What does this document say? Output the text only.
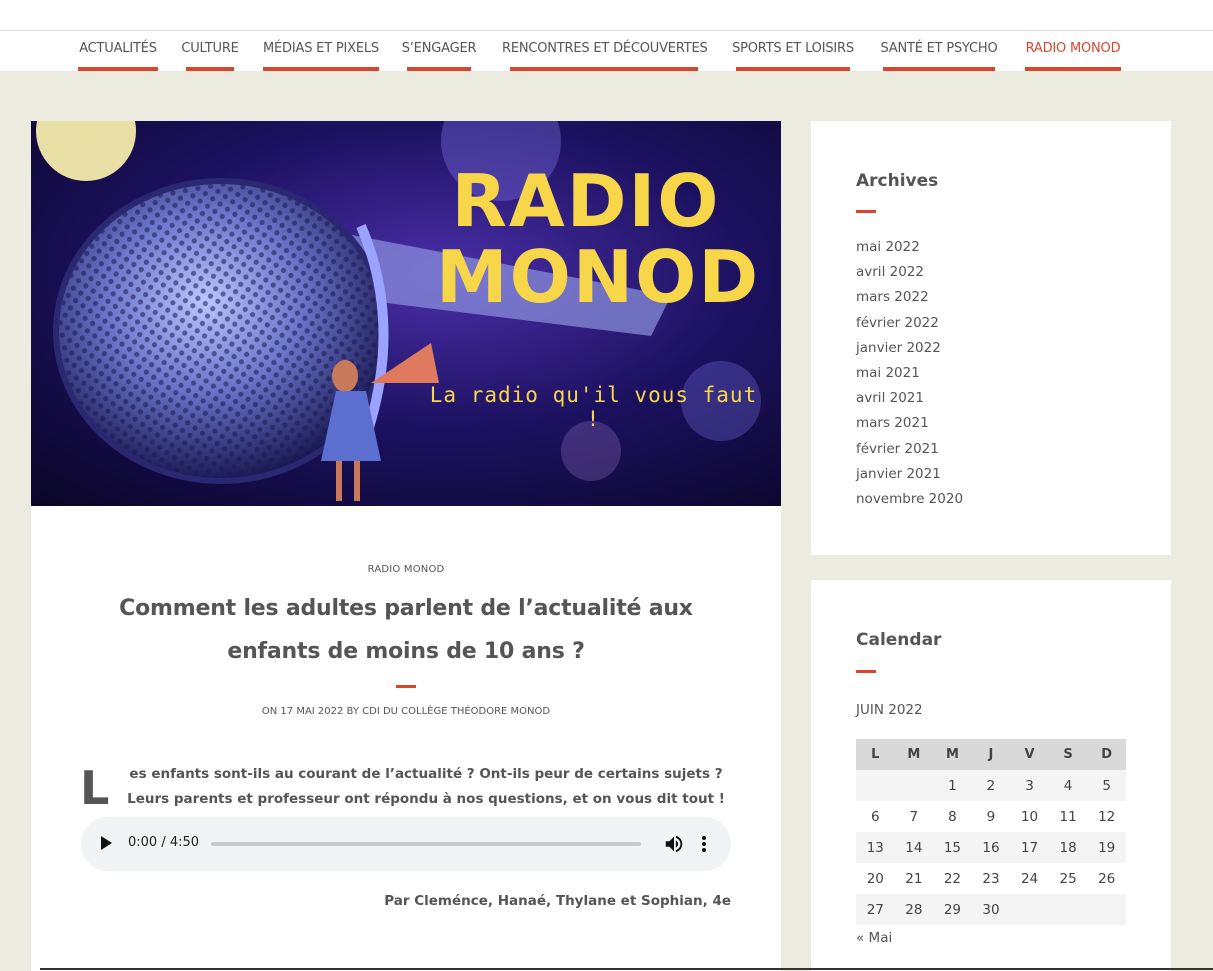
ACTUALITÉS	CULTURE	MÉDIAS ET PIXELS	S’ENGAGER RENCONTRES ET DÉCOUVERTES	SPORTS ET LOISIRS	SANTÉ ET PSYCHO	RADIO MONOD
RADIO
MONOD
La radio qu'il vous faut !
RADIO MONOD
Comment les adultes parlent de l’actualité aux enfants de moins de 10 ans ?
ON 17 MAI 2022 BY CDI DU COLLÈGE THÉODORE MONOD
L	es enfants sont-ils au courant de l’actualité ? Ont-ils peur de certains sujets ? Leurs parents et professeur ont répondu à nos questions, et on vous dit tout !

0:00 / 4:50

Par Cleménce, Hanaé, Thylane et Sophian, 4e

Archives
mai 2022
avril 2022
mars 2022
février 2022
janvier 2022
mai 2021
avril 2021
mars 2021
février 2021
janvier 2021
novembre 2020
Calendar
JUIN 2022
L	M	M	J	V	S	D
		1	2	3	4	5
6	7	8	9	10	11	12
13	14	15	16	17	18	19
20	21	22	23	24	25	26
27	28	29	30			
« Mai
